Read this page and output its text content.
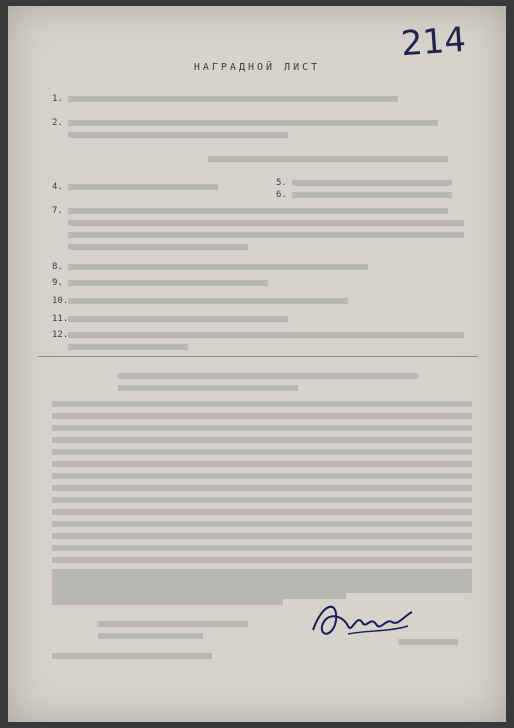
214
НАГРАДНОЙ ЛИСТ
1.
2.
4.	5.
6.
7.
8.
9.
10.
11.
12.
